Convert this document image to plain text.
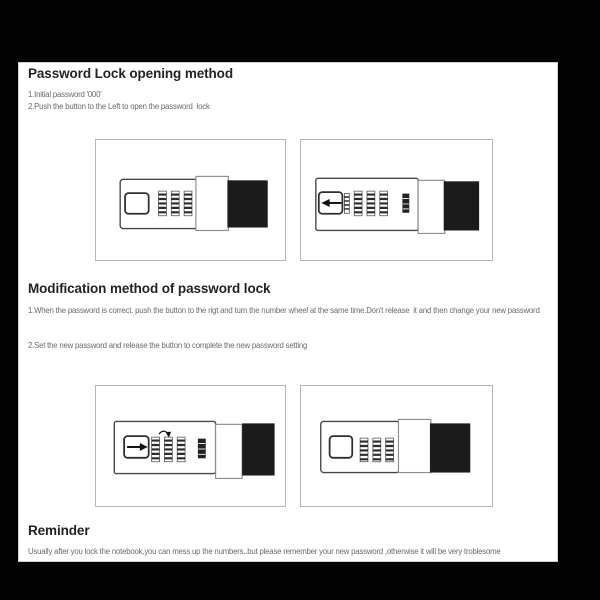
Password Lock opening method
1.Initial password '000'
2.Push the button to the Left to open the password  lock
Modification method of password lock
1.When the password is correct. push the button to the rigt and turn the number wheel at the same time.Don't release  it and then change your new password
2.Set the new password and release the button to complete the new password setting
Reminder
Usually after you lock the notebook,you can mess up the numbers..but please remember your new password ,otherwise it will be very troblesome
